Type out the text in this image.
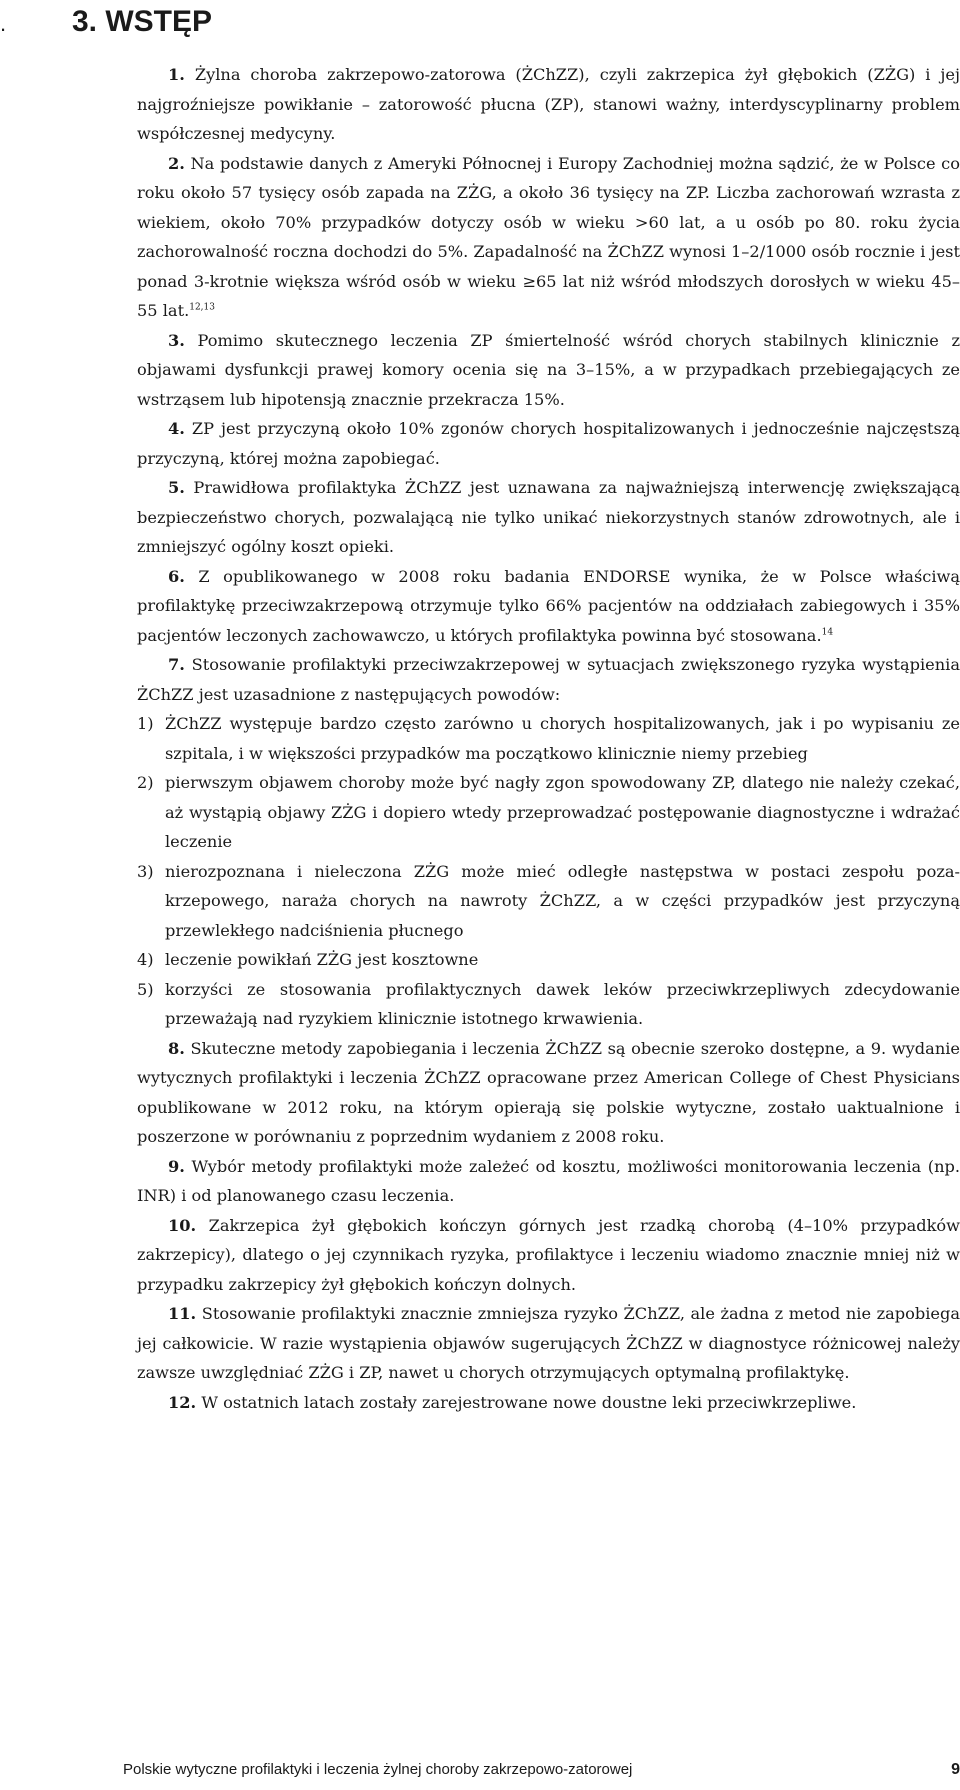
. 3. WSTĘP

1. Żylna choroba zakrzepowo-zatorowa (ŻChZZ), czyli zakrzepica żył głębokich (ZŻG) i jej najgroźniejsze powikłanie – zatorowość płucna (ZP), stanowi ważny, interdyscyplinarny problem współczesnej medycyny.

2. Na podstawie danych z Ameryki Północnej i Europy Zachodniej można sądzić, że w Polsce co roku około 57 tysięcy osób zapada na ZŻG, a około 36 tysięcy na ZP. Liczba zachorowań wzrasta z wiekiem, około 70% przypadków dotyczy osób w wieku >60 lat, a u osób po 80. roku życia zachorowalność roczna dochodzi do 5%. Zapadalność na ŻChZZ wynosi 1–2/1000 osób rocznie i jest ponad 3-krotnie większa wśród osób w wieku ≥65 lat niż wśród młodszych dorosłych w wieku 45–55 lat.$^{12,13}$

3. Pomimo skutecznego leczenia ZP śmiertelność wśród chorych stabilnych klinicznie z objawami dysfunkcji prawej komory ocenia się na 3–15%, a w przypadkach przebiegających ze wstrząsem lub hipotensją znacznie przekracza 15%.

4. ZP jest przyczyną około 10% zgonów chorych hospitalizowanych i jednocześnie najczęstszą przyczyną, której można zapobiegać.

5. Prawidłowa profilaktyka ŻChZZ jest uznawana za najważniejszą interwencję zwiększającą bezpieczeństwo chorych, pozwalającą nie tylko unikać niekorzystnych stanów zdrowotnych, ale i zmniejszyć ogólny koszt opieki.

6. Z opublikowanego w 2008 roku badania ENDORSE wynika, że w Polsce właściwą profilaktykę przeciwzakrzepową otrzymuje tylko 66% pacjentów na oddziałach zabiegowych i 35% pacjentów leczonych zachowawczo, u których profilaktyka powinna być stosowana.$^{14}$

7. Stosowanie profilaktyki przeciwzakrzepowej w sytuacjach zwiększonego ryzyka wystąpienia ŻChZZ jest uzasadnione z następujących powodów:

1) ŻChZZ występuje bardzo często zarówno u chorych hospitalizowanych, jak i po wypisaniu ze szpitala, i w większości przypadków ma początkowo klinicznie niemy przebieg
2) pierwszym objawem choroby może być nagły zgon spowodowany ZP, dlatego nie należy czekać, aż wystąpią objawy ZŻG i dopiero wtedy przeprowadzać postępowanie diagnostyczne i wdrażać leczenie
3) nierozpoznana i nieleczona ZŻG może mieć odległe następstwa w postaci zespołu pozakrzepowego, naraża chorych na nawroty ŻChZZ, a w części przypadków jest przyczyną przewlekłego nadciśnienia płucnego
4) leczenie powikłań ZŻG jest kosztowne
5) korzyści ze stosowania profilaktycznych dawek leków przeciwkrzepliwych zdecydowanie przeważają nad ryzykiem klinicznie istotnego krwawienia.

8. Skuteczne metody zapobiegania i leczenia ŻChZZ są obecnie szeroko dostępne, a 9. wydanie wytycznych profilaktyki i leczenia ŻChZZ opracowane przez American College of Chest Physicians opublikowane w 2012 roku, na którym opierają się polskie wytyczne, zostało uaktualnione i poszerzone w porównaniu z poprzednim wydaniem z 2008 roku.

9. Wybór metody profilaktyki może zależeć od kosztu, możliwości monitorowania leczenia (np. INR) i od planowanego czasu leczenia.

10. Zakrzepica żył głębokich kończyn górnych jest rzadką chorobą (4–10% przypadków zakrzepicy), dlatego o jej czynnikach ryzyka, profilaktyce i leczeniu wiadomo znacznie mniej niż w przypadku zakrzepicy żył głębokich kończyn dolnych.

11. Stosowanie profilaktyki znacznie zmniejsza ryzyko ŻChZZ, ale żadna z metod nie zapobiega jej całkowicie. W razie wystąpienia objawów sugerujących ŻChZZ w diagnostyce różnicowej należy zawsze uwzględniać ZŻG i ZP, nawet u chorych otrzymujących optymalną profilaktykę.

12. W ostatnich latach zostały zarejestrowane nowe doustne leki przeciwkrzepliwe.

Polskie wytyczne profilaktyki i leczenia żylnej choroby zakrzepowo-zatorowej	9
